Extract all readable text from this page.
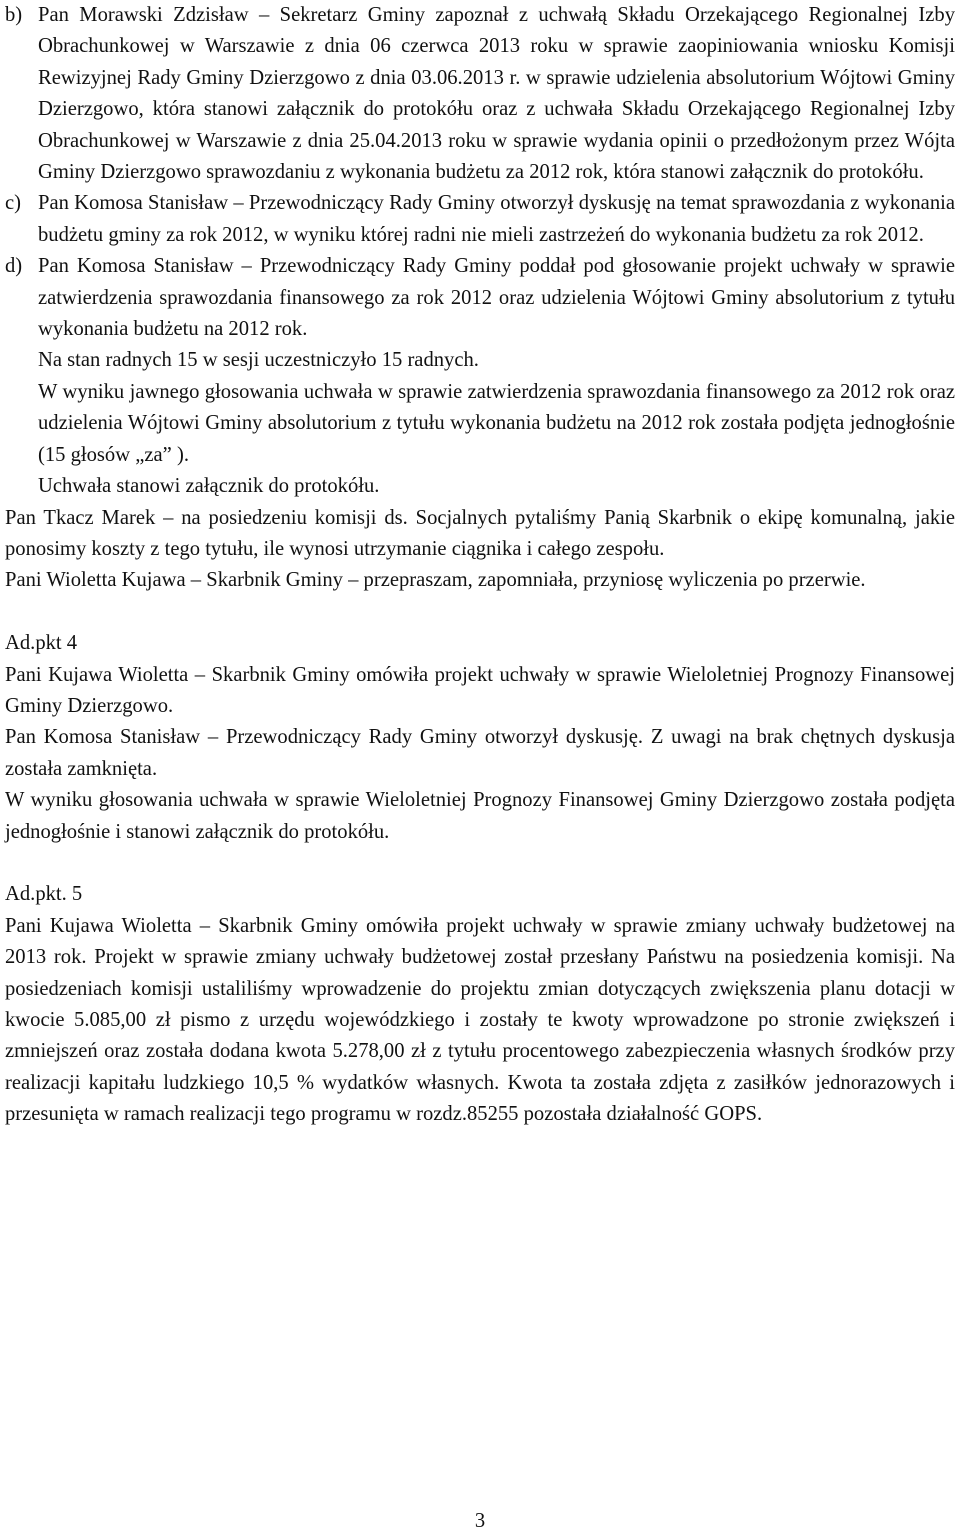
b) Pan Morawski Zdzisław – Sekretarz Gminy zapoznał z uchwałą Składu Orzekającego Regionalnej Izby Obrachunkowej w Warszawie z dnia 06 czerwca 2013 roku w sprawie zaopiniowania wniosku Komisji Rewizyjnej Rady Gminy Dzierzgowo z dnia 03.06.2013 r. w sprawie udzielenia absolutorium Wójtowi Gminy Dzierzgowo, która stanowi załącznik do protokółu oraz z uchwała Składu Orzekającego Regionalnej Izby Obrachunkowej w Warszawie z dnia 25.04.2013 roku w sprawie wydania opinii o przedłożonym przez Wójta Gminy Dzierzgowo sprawozdaniu z wykonania budżetu za 2012 rok, która stanowi załącznik do protokółu.

c) Pan Komosa Stanisław – Przewodniczący Rady Gminy otworzył dyskusję na temat sprawozdania z wykonania budżetu gminy za rok 2012, w wyniku której radni nie mieli zastrzeżeń do wykonania budżetu za rok 2012.

d) Pan Komosa Stanisław – Przewodniczący Rady Gminy poddał pod głosowanie projekt uchwały w sprawie zatwierdzenia sprawozdania finansowego za rok 2012 oraz udzielenia Wójtowi Gminy absolutorium z tytułu wykonania budżetu na 2012 rok.

Na stan radnych 15 w sesji uczestniczyło 15 radnych.

W wyniku jawnego głosowania uchwała w sprawie zatwierdzenia sprawozdania finansowego za 2012 rok oraz udzielenia Wójtowi Gminy absolutorium z tytułu wykonania budżetu na 2012 rok została podjęta jednogłośnie (15 głosów „za” ).

Uchwała stanowi załącznik do protokółu.

Pan Tkacz Marek – na posiedzeniu komisji ds. Socjalnych pytaliśmy Panią Skarbnik o ekipę komunalną, jakie ponosimy koszty z tego tytułu, ile wynosi utrzymanie ciągnika i całego zespołu.

Pani Wioletta Kujawa – Skarbnik Gminy – przepraszam, zapomniała, przyniosę wyliczenia po przerwie.

Ad.pkt 4

Pani Kujawa Wioletta – Skarbnik Gminy omówiła projekt uchwały w sprawie Wieloletniej Prognozy Finansowej Gminy Dzierzgowo.

Pan Komosa Stanisław – Przewodniczący Rady Gminy otworzył dyskusję. Z uwagi na brak chętnych dyskusja została zamknięta.

W wyniku głosowania uchwała w sprawie Wieloletniej Prognozy Finansowej Gminy Dzierzgowo została podjęta jednogłośnie i stanowi załącznik do protokółu.

Ad.pkt. 5

Pani Kujawa Wioletta – Skarbnik Gminy omówiła projekt uchwały w sprawie zmiany uchwały budżetowej na 2013 rok. Projekt w sprawie zmiany uchwały budżetowej został przesłany Państwu na posiedzenia komisji. Na posiedzeniach komisji ustaliliśmy wprowadzenie do projektu zmian dotyczących zwiększenia planu dotacji w kwocie 5.085,00 zł pismo z urzędu wojewódzkiego i zostały te kwoty wprowadzone po stronie zwiększeń i zmniejszeń oraz została dodana kwota 5.278,00 zł z tytułu procentowego zabezpieczenia własnych środków przy realizacji kapitału ludzkiego 10,5 % wydatków własnych. Kwota ta została zdjęta z zasiłków jednorazowych i przesunięta w ramach realizacji tego programu w rozdz.85255 pozostała działalność GOPS.

3
